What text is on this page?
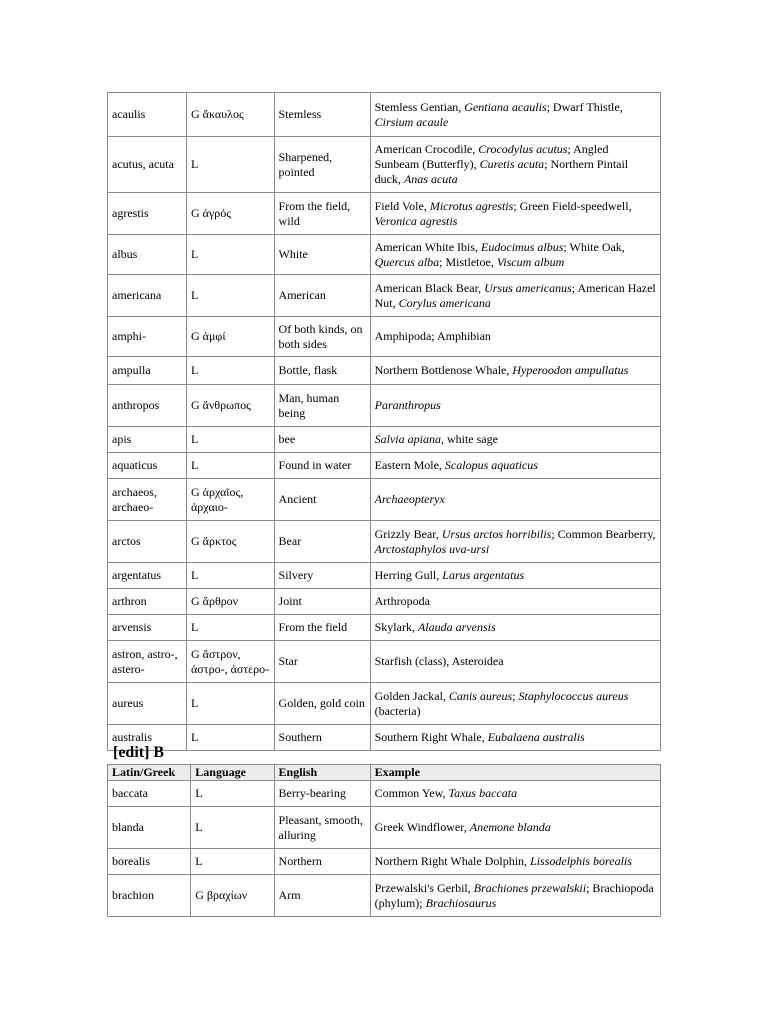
acaulis	G ἄκαυλος	Stemless	Stemless Gentian, Gentiana acaulis; Dwarf Thistle, Cirsium acaule
acutus, acuta	L	Sharpened, pointed	American Crocodile, Crocodylus acutus; Angled Sunbeam (Butterfly), Curetis acuta; Northern Pintail duck, Anas acuta
agrestis	G ἀγρός	From the field, wild	Field Vole, Microtus agrestis; Green Field-speedwell, Veronica agrestis
albus	L	White	American White Ibis, Eudocimus albus; White Oak, Quercus alba; Mistletoe, Viscum album
americana	L	American	American Black Bear, Ursus americanus; American Hazel Nut, Corylus americana
amphi-	G ἀμφί	Of both kinds, on both sides	Amphipoda; Amphibian
ampulla	L	Bottle, flask	Northern Bottlenose Whale, Hyperoodon ampullatus
anthropos	G ἄνθρωπος	Man, human being	Paranthropus
apis	L	bee	Salvia apiana, white sage
aquaticus	L	Found in water	Eastern Mole, Scalopus aquaticus
archaeos, archaeo-	G ἀρχαῖος, ἀρχαιο-	Ancient	Archaeopteryx
arctos	G ἄρκτος	Bear	Grizzly Bear, Ursus arctos horribilis; Common Bearberry, Arctostaphylos uva-ursi
argentatus	L	Silvery	Herring Gull, Larus argentatus
arthron	G ἄρθρον	Joint	Arthropoda
arvensis	L	From the field	Skylark, Alauda arvensis
astron, astro-, astero-	G ἄστρον, ἀστρο-, ἀστερο-	Star	Starfish (class), Asteroidea
aureus	L	Golden, gold coin	Golden Jackal, Canis aureus; Staphylococcus aureus (bacteria)
australis	L	Southern	Southern Right Whale, Eubalaena australis
[edit] B
Latin/Greek	Language	English	Example
baccata	L	Berry-bearing	Common Yew, Taxus baccata
blanda	L	Pleasant, smooth, alluring	Greek Windflower, Anemone blanda
borealis	L	Northern	Northern Right Whale Dolphin, Lissodelphis borealis
brachion	G βραχίων	Arm	Przewalski's Gerbil, Brachiones przewalskii; Brachiopoda (phylum); Brachiosaurus
